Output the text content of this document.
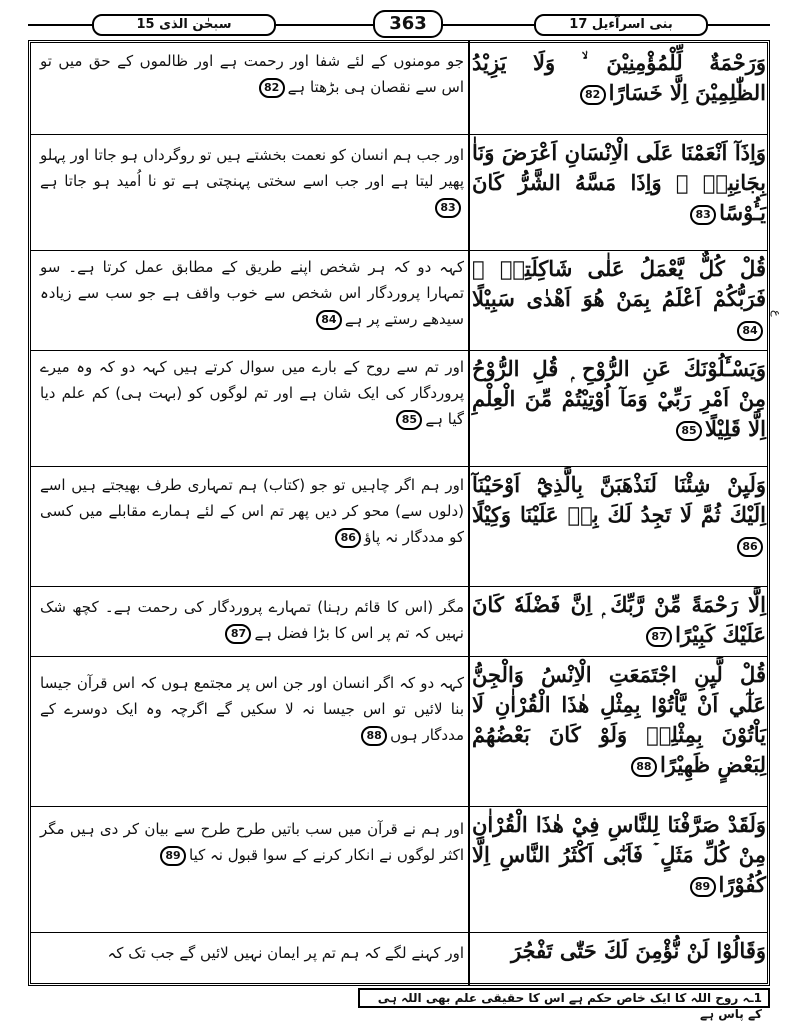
سبحٰن الذی 15	363	بنی اسرآءیل 17
ع
وَرَحْمَةٌ لِّلْمُؤْمِنِيْنَ ۙ وَلَا يَزِيْدُ الظّٰلِمِيْنَ اِلَّا خَسَارًا82
جو مومنوں کے لئے شفا اور رحمت ہے اور ظالموں کے حق میں تو اس سے نقصان ہی بڑھتا ہے82
وَاِذَآ اَنْعَمْنَا عَلَى الْاِنْسَانِ اَعْرَضَ وَنَاٰ بِجَانِبِهٖ ۚ وَاِذَا مَسَّهُ الشَّرُّ كَانَ يَـُٔوْسًا83
اور جب ہم انسان کو نعمت بخشتے ہیں تو روگرداں ہو جاتا اور پہلو پھیر لیتا ہے اور جب اسے سختی پہنچتی ہے تو نا اُمید ہو جاتا ہے83
قُلْ كُلٌّ يَّعْمَلُ عَلٰى شَاكِلَتِهٖ ۭ فَرَبُّكُمْ اَعْلَمُ بِمَنْ هُوَ اَهْدٰى سَبِيْلًا84
کہہ دو کہ ہر شخص اپنے طریق کے مطابق عمل کرتا ہے۔ سو تمہارا پروردگار اس شخص سے خوب واقف ہے جو سب سے زیادہ سیدھے رستے پر ہے84
وَيَسْـَٔلُوْنَكَ عَنِ الرُّوْحِ ۭ قُلِ الرُّوْحُ مِنْ اَمْرِ رَبِّيْ وَمَآ اُوْتِيْتُمْ مِّنَ الْعِلْمِ اِلَّا قَلِيْلًا85
اور تم سے روح کے بارے میں سوال کرتے ہیں کہہ دو کہ وہ میرے پروردگار کی ایک شان ہے اور تم لوگوں کو (بہت ہی) کم علم دیا گیا ہے85
وَلَىِٕنْ شِئْنَا لَنَذْهَبَنَّ بِالَّذِيْٓ اَوْحَيْنَآ اِلَيْكَ ثُمَّ لَا تَجِدُ لَكَ بِهٖ عَلَيْنَا وَكِيْلًا86
اور ہم اگر چاہیں تو جو (کتاب) ہم تمہاری طرف بھیجتے ہیں اسے (دلوں سے) محو کر دیں پھر تم اس کے لئے ہمارے مقابلے میں کسی کو مددگار نہ پاؤ86
اِلَّا رَحْمَةً مِّنْ رَّبِّكَ ۭ اِنَّ فَضْلَهٗ كَانَ عَلَيْكَ كَبِيْرًا87
مگر (اس کا قائم رہنا) تمہارے پروردگار کی رحمت ہے۔ کچھ شک نہیں کہ تم پر اس کا بڑا فضل ہے87
قُلْ لَّىِٕنِ اجْتَمَعَتِ الْاِنْسُ وَالْجِنُّ عَلٰٓي اَنْ يَّاْتُوْا بِمِثْلِ هٰذَا الْقُرْاٰنِ لَا يَاْتُوْنَ بِمِثْلِهٖ وَلَوْ كَانَ بَعْضُهُمْ لِبَعْضٍ ظَهِيْرًا88
کہہ دو کہ اگر انسان اور جن اس پر مجتمع ہوں کہ اس قرآن جیسا بنا لائیں تو اس جیسا نہ لا سکیں گے اگرچہ وہ ایک دوسرے کے مددگار ہوں88
وَلَقَدْ صَرَّفْنَا لِلنَّاسِ فِيْ هٰذَا الْقُرْاٰنِ مِنْ كُلِّ مَثَلٍ ۡ فَاَبٰٓى اَكْثَرُ النَّاسِ اِلَّا كُفُوْرًا89
اور ہم نے قرآن میں سب باتیں طرح طرح سے بیان کر دی ہیں مگر اکثر لوگوں نے انکار کرنے کے سوا قبول نہ کیا89
وَقَالُوْا لَنْ نُّؤْمِنَ لَكَ حَتّٰى تَفْجُرَ
اور کہنے لگے کہ ہم تم پر ایمان نہیں لائیں گے جب تک کہ
1ـہ روح اللہ کا ایک خاص حکم ہے اس کا حقیقی علم بھی اللہ ہی کے پاس ہے
